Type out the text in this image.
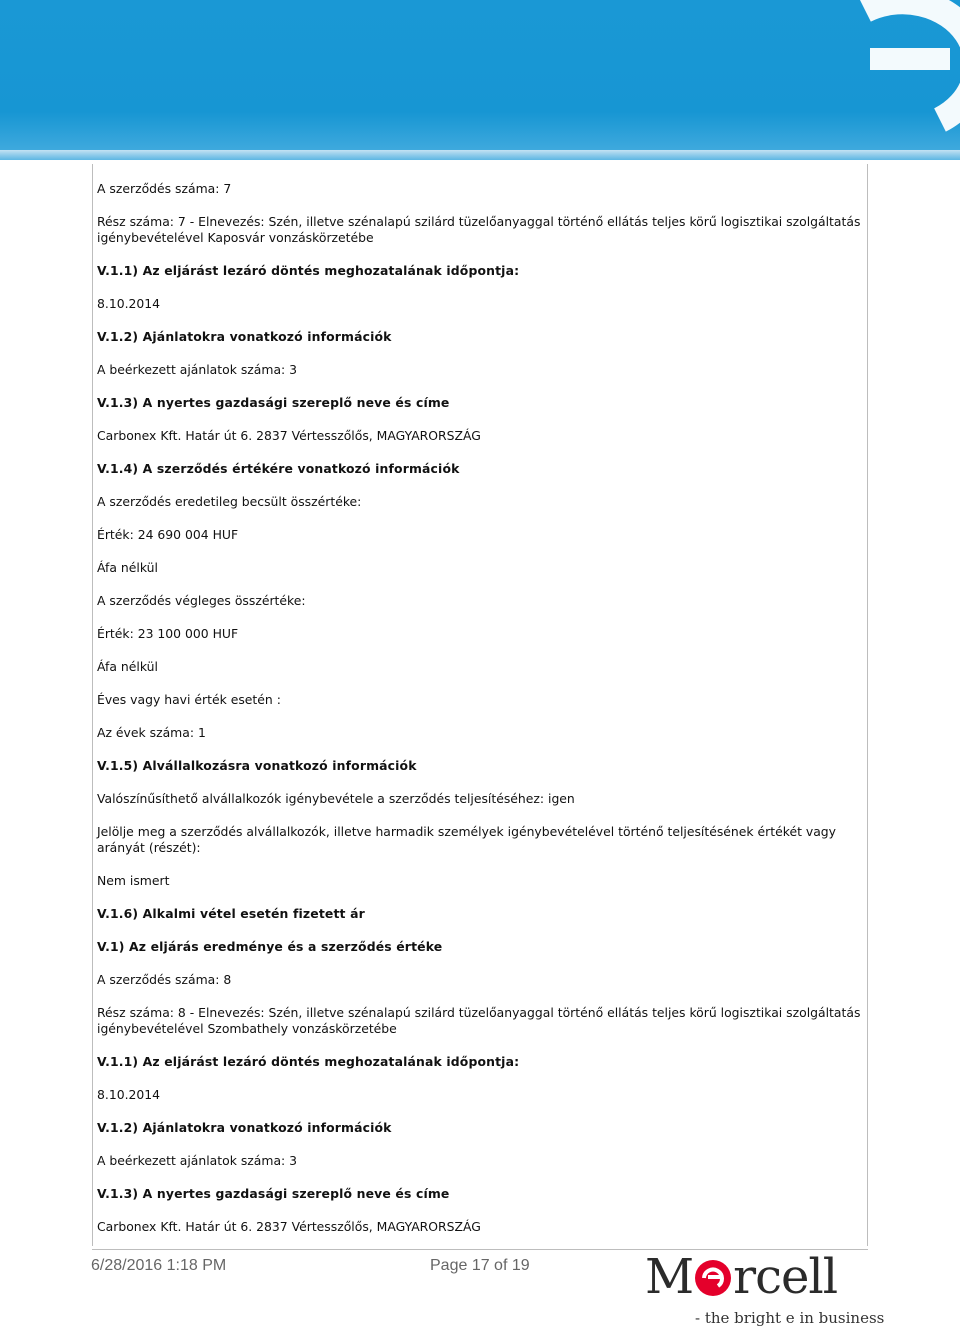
A szerződés száma: 7

Rész száma: 7 - Elnevezés: Szén, illetve szénalapú szilárd tüzelőanyaggal történő ellátás teljes körű logisztikai szolgáltatás igénybevételével Kaposvár vonzáskörzetébe

V.1.1) Az eljárást lezáró döntés meghozatalának időpontja:

8.10.2014

V.1.2) Ajánlatokra vonatkozó információk

A beérkezett ajánlatok száma: 3

V.1.3) A nyertes gazdasági szereplő neve és címe

Carbonex Kft. Határ út 6. 2837 Vértesszőlős, MAGYARORSZÁG

V.1.4) A szerződés értékére vonatkozó információk

A szerződés eredetileg becsült összértéke:

Érték: 24 690 004 HUF

Áfa nélkül

A szerződés végleges összértéke:

Érték: 23 100 000 HUF

Áfa nélkül

Éves vagy havi érték esetén :

Az évek száma: 1

V.1.5) Alvállalkozásra vonatkozó információk

Valószínűsíthető alvállalkozók igénybevétele a szerződés teljesítéséhez: igen

Jelölje meg a szerződés alvállalkozók, illetve harmadik személyek igénybevételével történő teljesítésének értékét vagy arányát (részét):

Nem ismert

V.1.6) Alkalmi vétel esetén fizetett ár

V.1) Az eljárás eredménye és a szerződés értéke

A szerződés száma: 8

Rész száma: 8 - Elnevezés: Szén, illetve szénalapú szilárd tüzelőanyaggal történő ellátás teljes körű logisztikai szolgáltatás igénybevételével Szombathely vonzáskörzetébe

V.1.1) Az eljárást lezáró döntés meghozatalának időpontja:

8.10.2014

V.1.2) Ajánlatokra vonatkozó információk

A beérkezett ajánlatok száma: 3

V.1.3) A nyertes gazdasági szereplő neve és címe

Carbonex Kft. Határ út 6. 2837 Vértesszőlős, MAGYARORSZÁG

6/28/2016 1:18 PM	Page 17 of 19 M rcell
- the bright e in business
